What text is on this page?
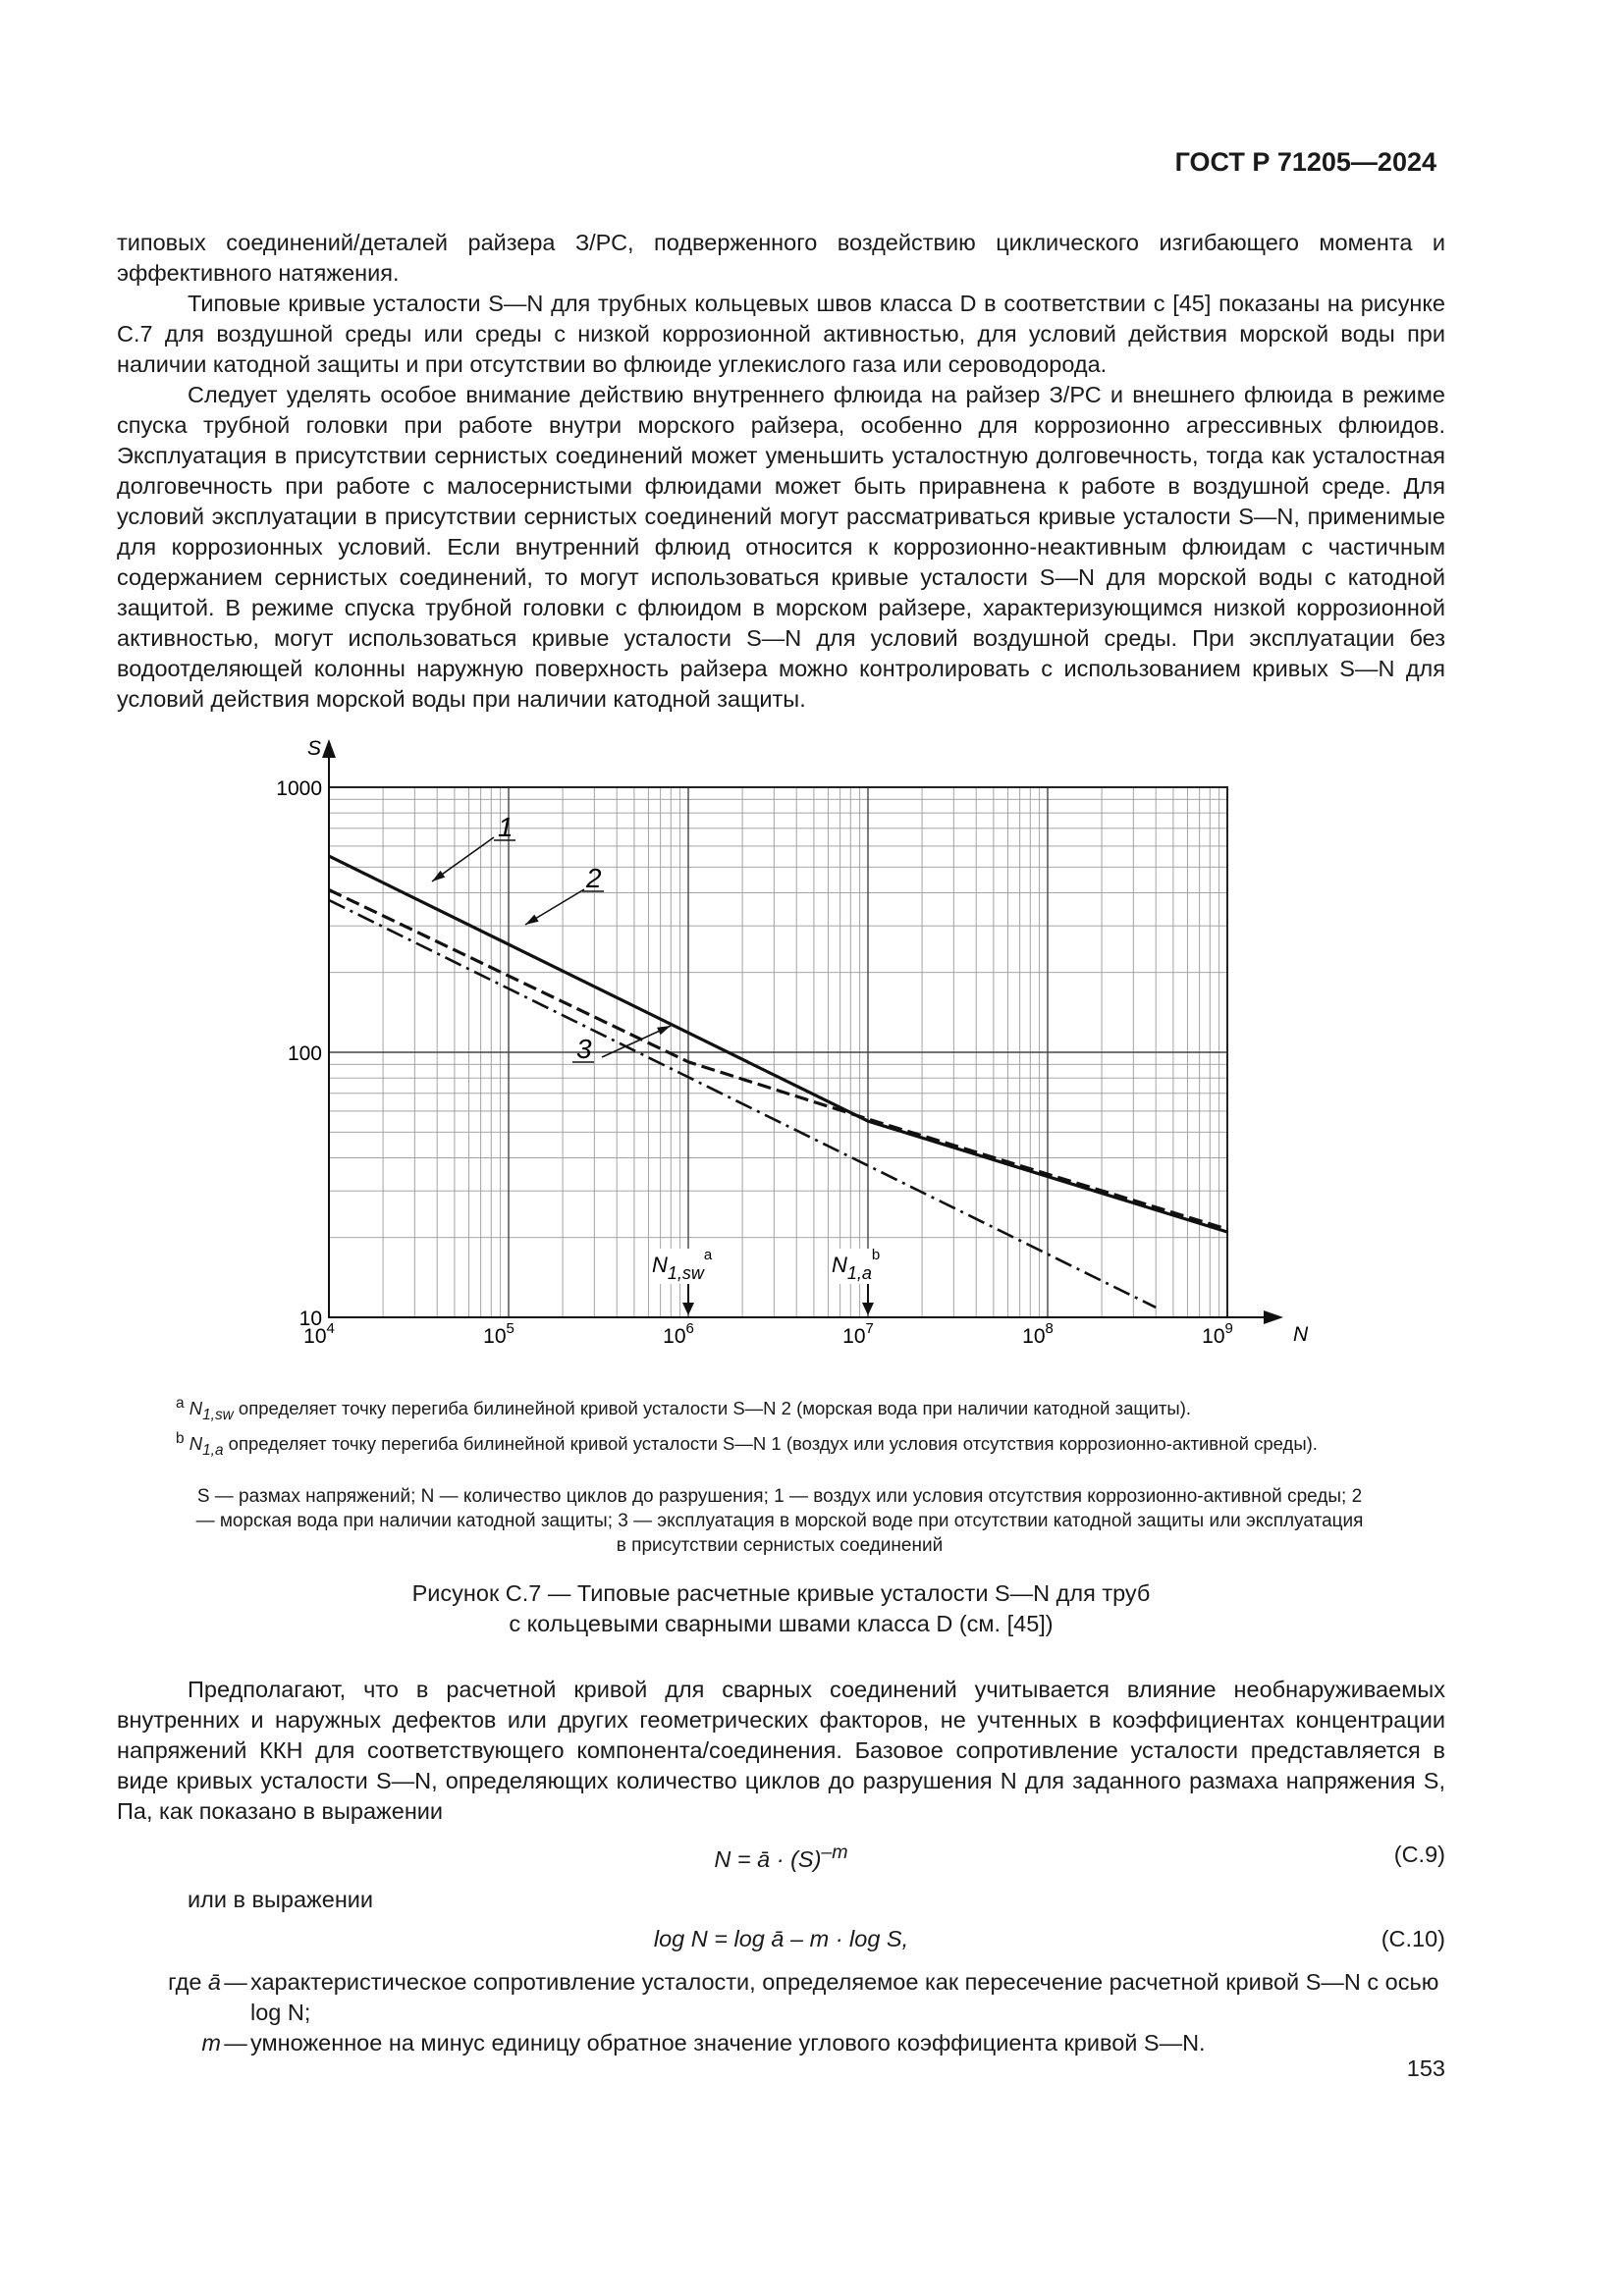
ГОСТ Р 71205—2024

типовых соединений/деталей райзера З/РС, подверженного воздействию циклического изгибающего момента и эффективного натяжения.

Типовые кривые усталости S—N для трубных кольцевых швов класса D в соответствии с [45] показаны на рисунке С.7 для воздушной среды или среды с низкой коррозионной активностью, для условий действия морской воды при наличии катодной защиты и при отсутствии во флюиде углекислого газа или сероводорода.

Следует уделять особое внимание действию внутреннего флюида на райзер З/РС и внешнего флюида в режиме спуска трубной головки при работе внутри морского райзера, особенно для коррозионно агрессивных флюидов. Эксплуатация в присутствии сернистых соединений может уменьшить усталостную долговечность, тогда как усталостная долговечность при работе с малосернистыми флюидами может быть приравнена к работе в воздушной среде. Для условий эксплуатации в присутствии сернистых соединений могут рассматриваться кривые усталости S—N, применимые для коррозионных условий. Если внутренний флюид относится к коррозионно-неактивным флюидам с частичным содержанием сернистых соединений, то могут использоваться кривые усталости S—N для морской воды с катодной защитой. В режиме спуска трубной головки с флюидом в морском райзере, характеризующимся низкой коррозионной активностью, могут использоваться кривые усталости S—N для условий воздушной среды. При эксплуатации без водоотделяющей колонны наружную поверхность райзера можно контролировать с использованием кривых S—N для условий действия морской воды при наличии катодной защиты.

S
N
10
100
1000
$10^4$	$10^5$	$10^6$	$10^7$	$10^8$	$10^9$
1
2
3
$N_{1,sw}^a$	$N_{1,a}^b$
$^a$ $N_{1,sw}$ определяет точку перегиба билинейной кривой усталости S—N 2 (морская вода при наличии катодной защиты).
$^b$ $N_{1,a}$ определяет точку перегиба билинейной кривой усталости S—N 1 (воздух или условия отсутствия коррозионно-активной среды).
S — размах напряжений; N — количество циклов до разрушения; 1 — воздух или условия отсутствия коррозионно-активной среды; 2 — морская вода при наличии катодной защиты; 3 — эксплуатация в морской воде при отсутствии катодной защиты или эксплуатация в присутствии сернистых соединений
Рисунок С.7 — Типовые расчетные кривые усталости S—N для труб
с кольцевыми сварными швами класса D (см. [45])

Предполагают, что в расчетной кривой для сварных соединений учитывается влияние необнаруживаемых внутренних и наружных дефектов или других геометрических факторов, не учтенных в коэффициентах концентрации напряжений ККН для соответствующего компонента/соединения. Базовое сопротивление усталости представляется в виде кривых усталости S—N, определяющих количество циклов до разрушения N для заданного размаха напряжения S, Па, как показано в выражении

N = ā · $(S)^{-m}$	(С.9)

или в выражении

log N = log ā – m · log S,	(С.10)
где ā — характеристическое сопротивление усталости, определяемое как пересечение расчетной кривой S—N с осью log N;
m — умноженное на минус единицу обратное значение углового коэффициента кривой S—N.
153
